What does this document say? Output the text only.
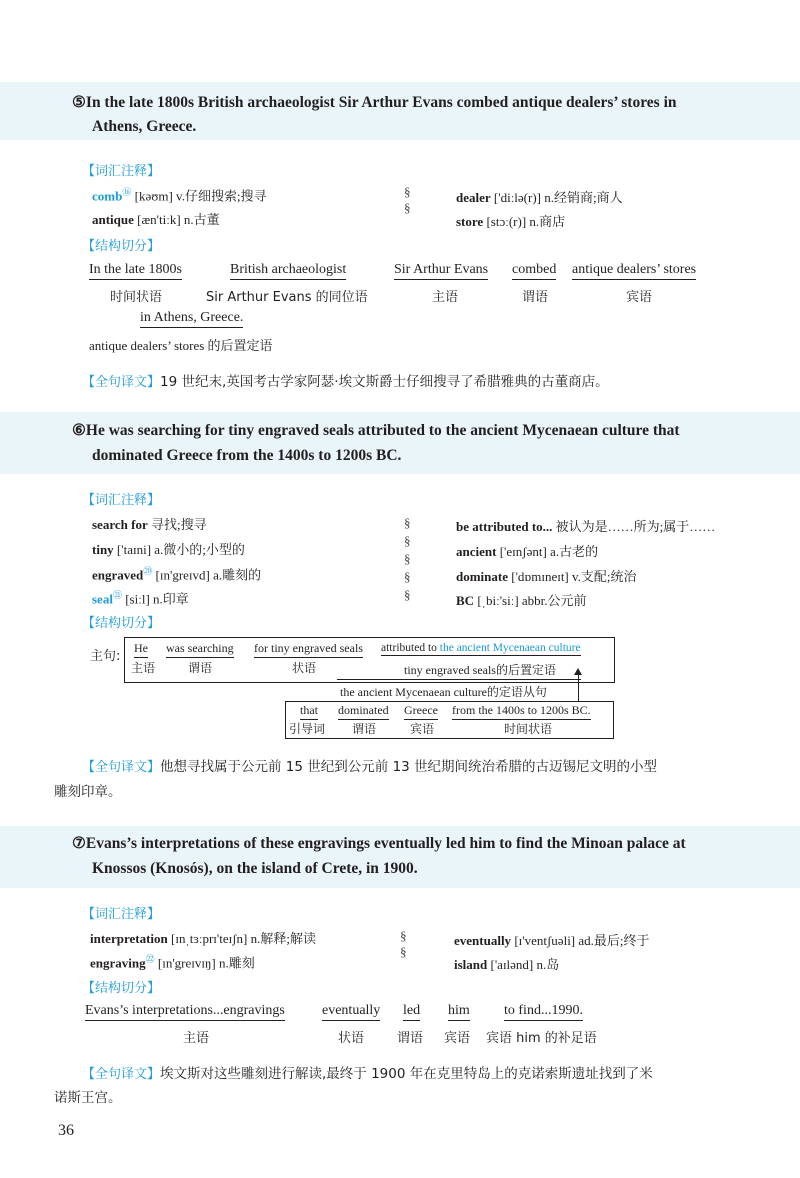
⑤In the late 1800s British archaeologist Sir Arthur Evans combed antique dealers’ stores in
Athens, Greece.
【词汇注释】
comb⑯ [kəʊm] v.仔细搜索;搜寻
antique [æn'tiːk] n.古董
§
§
dealer ['diːlə(r)] n.经销商;商人
store [stɔː(r)] n.商店
【结构切分】
In the late 1800s
时间状语
British archaeologist
Sir Arthur Evans 的同位语
Sir Arthur Evans
主语
combed
谓语
antique dealers’ stores
宾语
in Athens, Greece.
antique dealers’ stores 的后置定语
【全句译文】19 世纪末,英国考古学家阿瑟·埃文斯爵士仔细搜寻了希腊雅典的古董商店。
⑥He was searching for tiny engraved seals attributed to the ancient Mycenaean culture that
dominated Greece from the 1400s to 1200s BC.
【词汇注释】
search for 寻找;搜寻
tiny ['taɪni] a.微小的;小型的
engraved⑳ [ɪn'greɪvd] a.雕刻的
seal$^㉑$ [siːl] n.印章
§
§
§
§
§
be attributed to... 被认为是……所为;属于……
ancient ['eɪnʃənt] a.古老的
dominate ['dɒmɪneɪt] v.支配;统治
BC [ˌbiː'siː] abbr.公元前
【结构切分】
主句:
He
主语
was searching
谓语
for tiny engraved seals
状语
attributed to the ancient Mycenaean culture
tiny engraved seals的后置定语
the ancient Mycenaean culture的定语从句
that
引导词
dominated
谓语
Greece
宾语
from the 1400s to 1200s BC.
时间状语
【全句译文】他想寻找属于公元前 15 世纪到公元前 13 世纪期间统治希腊的古迈锡尼文明的小型
雕刻印章。
⑦Evans’s interpretations of these engravings eventually led him to find the Minoan palace at
Knossos (Knosós), on the island of Crete, in 1900.
【词汇注释】
interpretation [ɪnˌtɜːprɪ'teɪʃn] n.解释;解读
engraving$^㉒$ [ɪn'greɪvɪŋ] n.雕刻
§
§
eventually [ɪ'ventʃuəli] ad.最后;终于
island ['aɪlənd] n.岛
【结构切分】
Evans’s interpretations...engravings
主语
eventually
状语
led
谓语
him
宾语
to find...1990.
宾语 him 的补足语
【全句译文】埃文斯对这些雕刻进行解读,最终于 1900 年在克里特岛上的克诺索斯遗址找到了米
诺斯王宫。
36
